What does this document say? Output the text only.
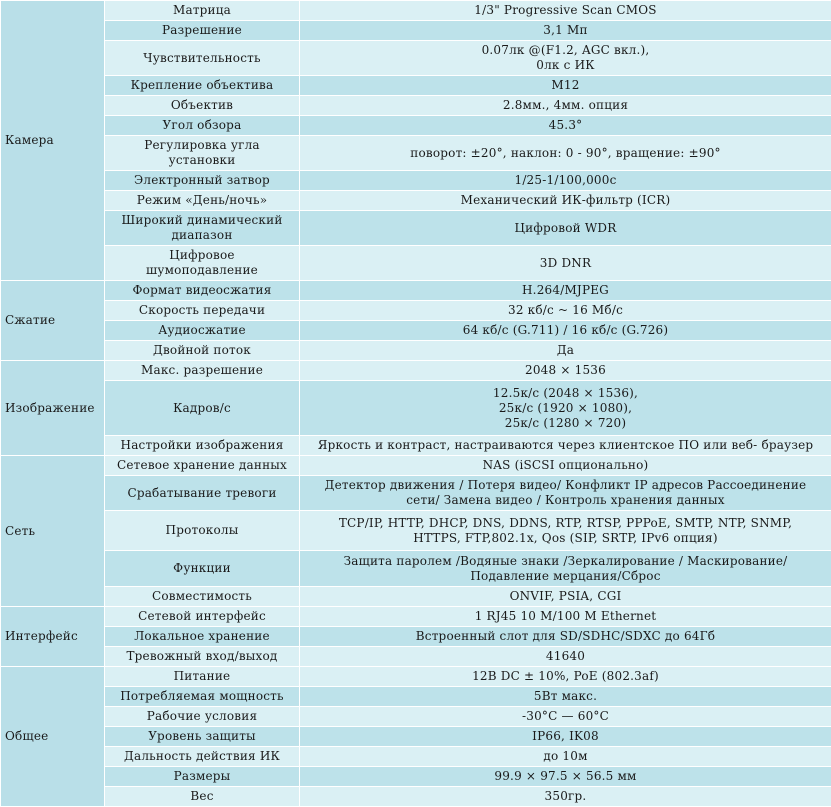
Камера	Матрица	1/3" Progressive Scan CMOS

	Разрешение	3,1 Мп

	Чувствительность	0.07лк @(F1.2, AGC вкл.),
0лк с ИК

	Крепление объектива	М12

	Объектив	2.8мм., 4мм. опция

	Угол обзора	45.3°

	Регулировка угла
установки	поворот: ±20°, наклон: 0 - 90°, вращение: ±90°

	Электронный затвор	1/25-1/100,000с

	Режим «День/ночь»	Механический ИК-фильтр (ICR)

	Широкий динамический
диапазон	Цифровой WDR

	Цифровое
шумоподавление	3D DNR

Сжатие	Формат видеосжатия	H.264/MJPEG

	Скорость передачи	32 кб/с ~ 16 Мб/с

	Аудиосжатие	64 кб/с (G.711) / 16 кб/с (G.726)

	Двойной поток	Да

Изображение	Макс. разрешение	2048 × 1536

	Кадров/с	12.5к/с (2048 × 1536),
25к/с (1920 × 1080),
25к/с (1280 × 720)

	Настройки изображения	Яркость и контраст, настраиваются через клиентское ПО или веб- браузер

Сеть	Сетевое хранение данных	NAS (iSCSI опционально)

	Срабатывание тревоги	Детектор движения / Потеря видео/ Конфликт IP адресов Рассоединение
сети/ Замена видео / Контроль хранения данных

	Протоколы	TCP/IP, HTTP, DHCP, DNS, DDNS, RTP, RTSP, PPPoE, SMTP, NTP, SNMP,
HTTPS, FTP,802.1x, Qos (SIP, SRTP, IPv6 опция)

	Функции	Защита паролем /Водяные знаки /Зеркалирование / Маскирование/
Подавление мерцания/Сброс

	Совместимость	ONVIF, PSIA, CGI

Интерфейс	Сетевой интерфейс	1 RJ45 10 M/100 M Ethernet

	Локальное хранение	Встроенный слот для SD/SDHC/SDXC до 64Гб

	Тревожный вход/выход	41640

Общее	Питание	12В DC ± 10%, PoE (802.3af)

	Потребляемая мощность	5Вт макс.

	Рабочие условия	-30°C — 60°C

	Уровень защиты	IP66, IK08

	Дальность действия ИК	до 10м

	Размеры	99.9 × 97.5 × 56.5 мм

	Вес	350гр.
